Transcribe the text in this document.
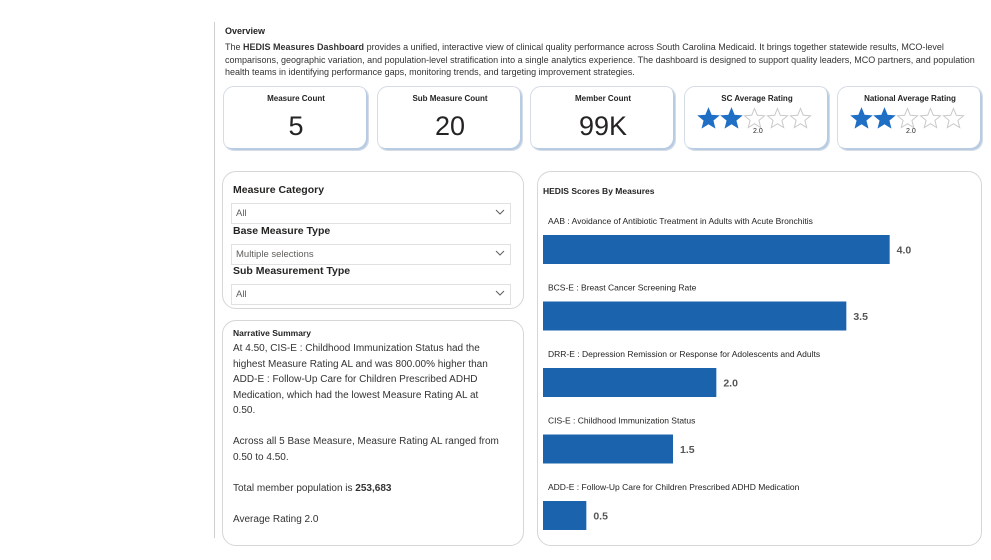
Overview

The HEDIS Measures Dashboard provides a unified, interactive view of clinical quality performance across South Carolina Medicaid. It brings together statewide results, MCO-level comparisons, geographic variation, and population-level stratification into a single analytics experience. The dashboard is designed to support quality leaders, MCO partners, and population health teams in identifying performance gaps, monitoring trends, and targeting improvement strategies.

Measure Count
5
Sub Measure Count
20
Member Count
99K
SC Average Rating
2.0
National Average Rating
2.0
Measure Category
All
Base Measure Type
Multiple selections
Sub Measurement Type
All
Narrative Summary

At 4.50, CIS-E : Childhood Immunization Status had the highest Measure Rating AL and was 800.00% higher than ADD-E : Follow-Up Care for Children Prescribed ADHD Medication, which had the lowest Measure Rating AL at 0.50.

Across all 5 Base Measure, Measure Rating AL ranged from 0.50 to 4.50.

Total member population is 253,683

Average Rating 2.0

HEDIS Scores By Measures
AAB : Avoidance of Antibiotic Treatment in Adults with Acute Bronchitis
4.0
BCS-E : Breast Cancer Screening Rate
3.5
DRR-E : Depression Remission or Response for Adolescents and Adults
2.0
CIS-E : Childhood Immunization Status
1.5
ADD-E : Follow-Up Care for Children Prescribed ADHD Medication
0.5
